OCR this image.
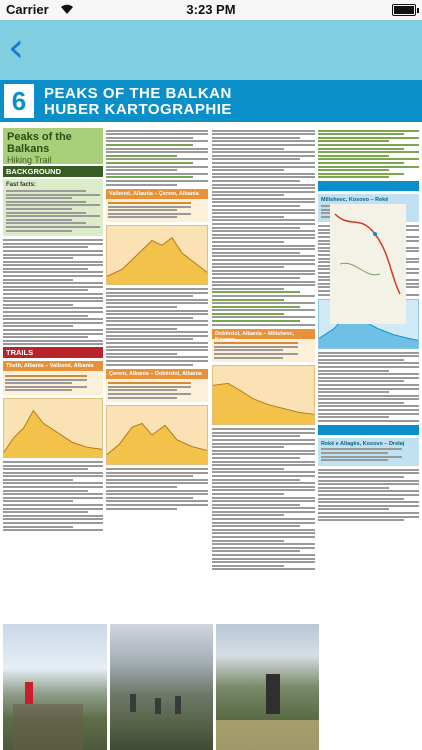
Carrier	3:23 PM
‹
6	PEAKS OF THE BALKAN
HUBER KARTOGRAPHIE
Peaks of the Balkans
Hiking Trail
BACKGROUND
Fast facts:
TRAILS
Theth, Albania – Valbonë, Albania
Valbonë, Albania – Çerem, Albania
Çerem, Albania – Dobërdol, Albania
Dobërdol, Albania – Milishevc, Kosovo
Milishevc, Kosovo – Rekë
Rekë e Allagës, Kosovo – Drelaj
